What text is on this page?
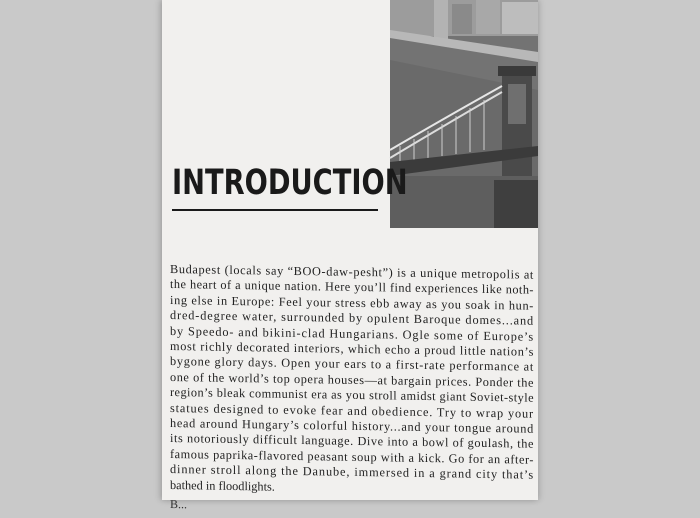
INTRODUCTION
Budapest (locals say “BOO-daw-pesht”) is a unique metropolis at
the heart of a unique nation. Here you’ll find experiences like noth-
ing else in Europe: Feel your stress ebb away as you soak in hun-
dred-degree water, surrounded by opulent Baroque domes...and
by Speedo- and bikini-clad Hungarians. Ogle some of Europe’s
most richly decorated interiors, which echo a proud little nation’s
bygone glory days. Open your ears to a first-rate performance at
one of the world’s top opera houses—at bargain prices. Ponder the
region’s bleak communist era as you stroll amidst giant Soviet-style
statues designed to evoke fear and obedience. Try to wrap your
head around Hungary’s colorful history...and your tongue around
its notoriously difficult language. Dive into a bowl of goulash, the
famous paprika-flavored peasant soup with a kick. Go for an after-
dinner stroll along the Danube, immersed in a grand city that’s
bathed in floodlights.
B...
